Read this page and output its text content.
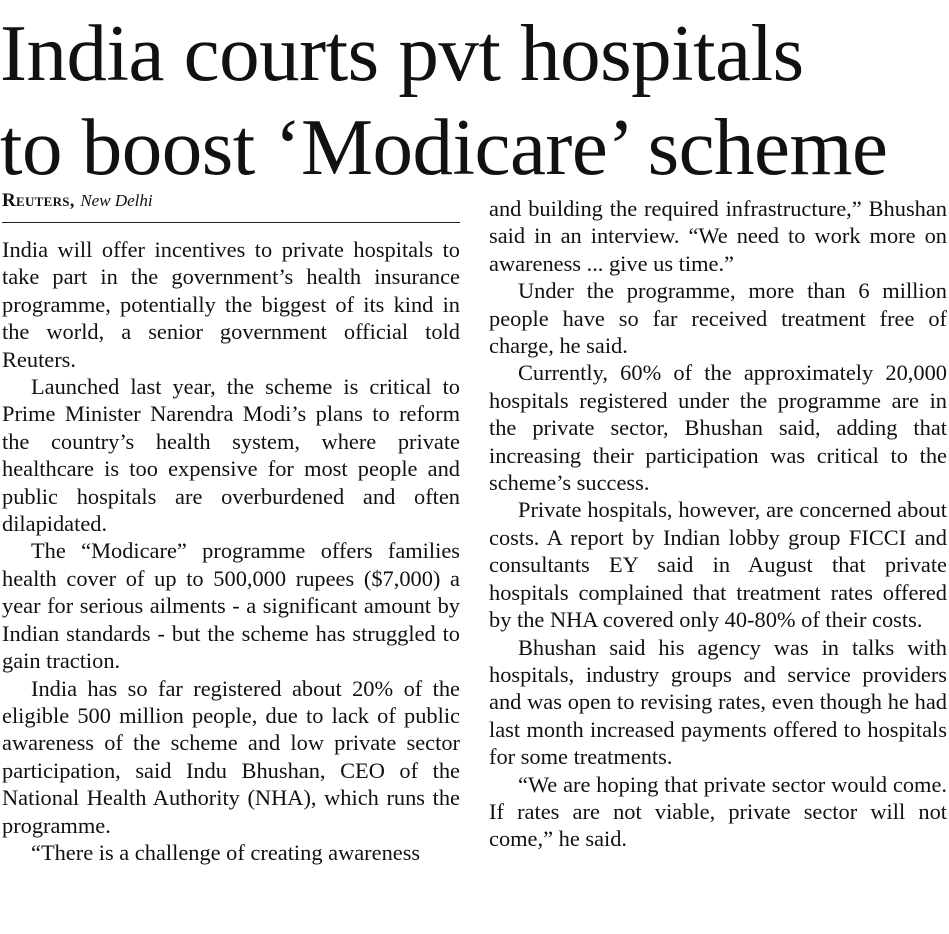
India courts pvt hospitals
to boost ‘Modicare’ scheme
Reuters, New Delhi

India will offer incentives to private hospitals to take part in the government’s health insurance programme, potentially the biggest of its kind in the world, a senior government official told Reuters.

Launched last year, the scheme is critical to Prime Minister Narendra Modi’s plans to reform the country’s health system, where private healthcare is too expensive for most people and public hospitals are overburdened and often dilapidated.

The “Modicare” programme offers families health cover of up to 500,000 rupees ($7,000) a year for serious ailments - a significant amount by Indian standards - but the scheme has struggled to gain traction.

India has so far registered about 20% of the eligible 500 million people, due to lack of public awareness of the scheme and low private sector participation, said Indu Bhushan, CEO of the National Health Authority (NHA), which runs the programme.

“There is a challenge of creating awareness

and building the required infrastructure,” Bhushan said in an interview. “We need to work more on awareness ... give us time.”

Under the programme, more than 6 million people have so far received treatment free of charge, he said.

Currently, 60% of the approximately 20,000 hospitals registered under the programme are in the private sector, Bhushan said, adding that increasing their participation was critical to the scheme’s success.

Private hospitals, however, are concerned about costs. A report by Indian lobby group FICCI and consultants EY said in August that private hospitals complained that treatment rates offered by the NHA covered only 40-80% of their costs.

Bhushan said his agency was in talks with hospitals, industry groups and service providers and was open to revising rates, even though he had last month increased payments offered to hospitals for some treatments.

“We are hoping that private sector would come. If rates are not viable, private sector will not come,” he said.
